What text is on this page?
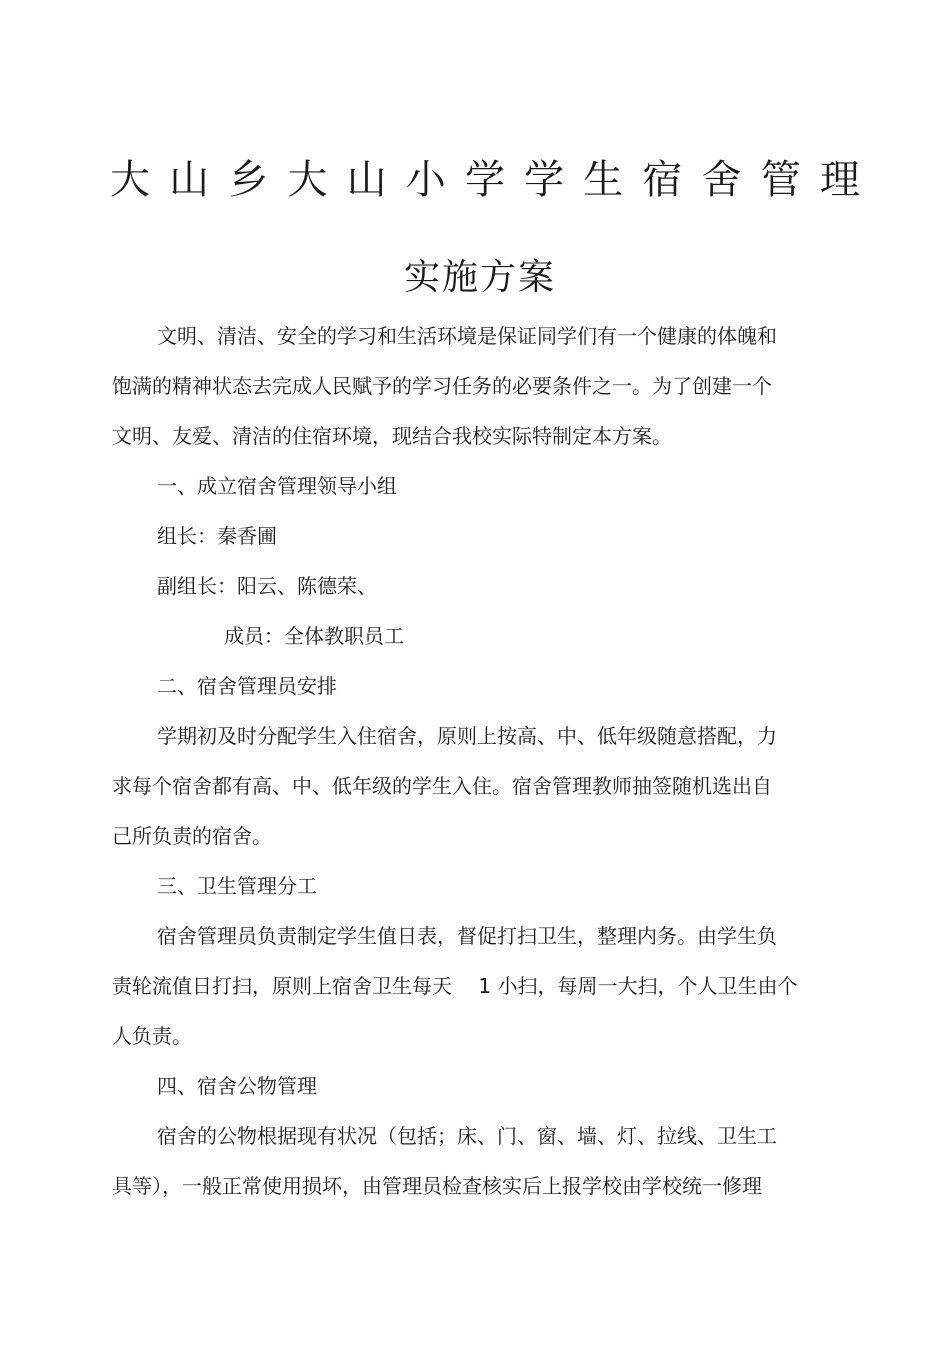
大 山 乡 大 山 小 学 学 生 宿 舍 管 理
实施方案
文明、清洁、安全的学习和生活环境是保证同学们有一个健康的体魄和
饱满的精神状态去完成人民赋予的学习任务的必要条件之一。为了创建一个
文明、友爱、清洁的住宿环境，现结合我校实际特制定本方案。
一、成立宿舍管理领导小组
组长：秦香圃
副组长：阳云、陈德荣、
成员：全体教职员工
二、宿舍管理员安排
学期初及时分配学生入住宿舍，原则上按高、中、低年级随意搭配，力
求每个宿舍都有高、中、低年级的学生入住。宿舍管理教师抽签随机选出自
己所负责的宿舍。
三、卫生管理分工
宿舍管理员负责制定学生值日表，督促打扫卫生，整理内务。由学生负
责轮流值日打扫，原则上宿舍卫生每天　 1 小扫，每周一大扫，个人卫生由个
人负责。
四、宿舍公物管理
宿舍的公物根据现有状况（包括；床、门、窗、墙、灯、拉线、卫生工
具等），一般正常使用损坏，由管理员检查核实后上报学校由学校统一修理
